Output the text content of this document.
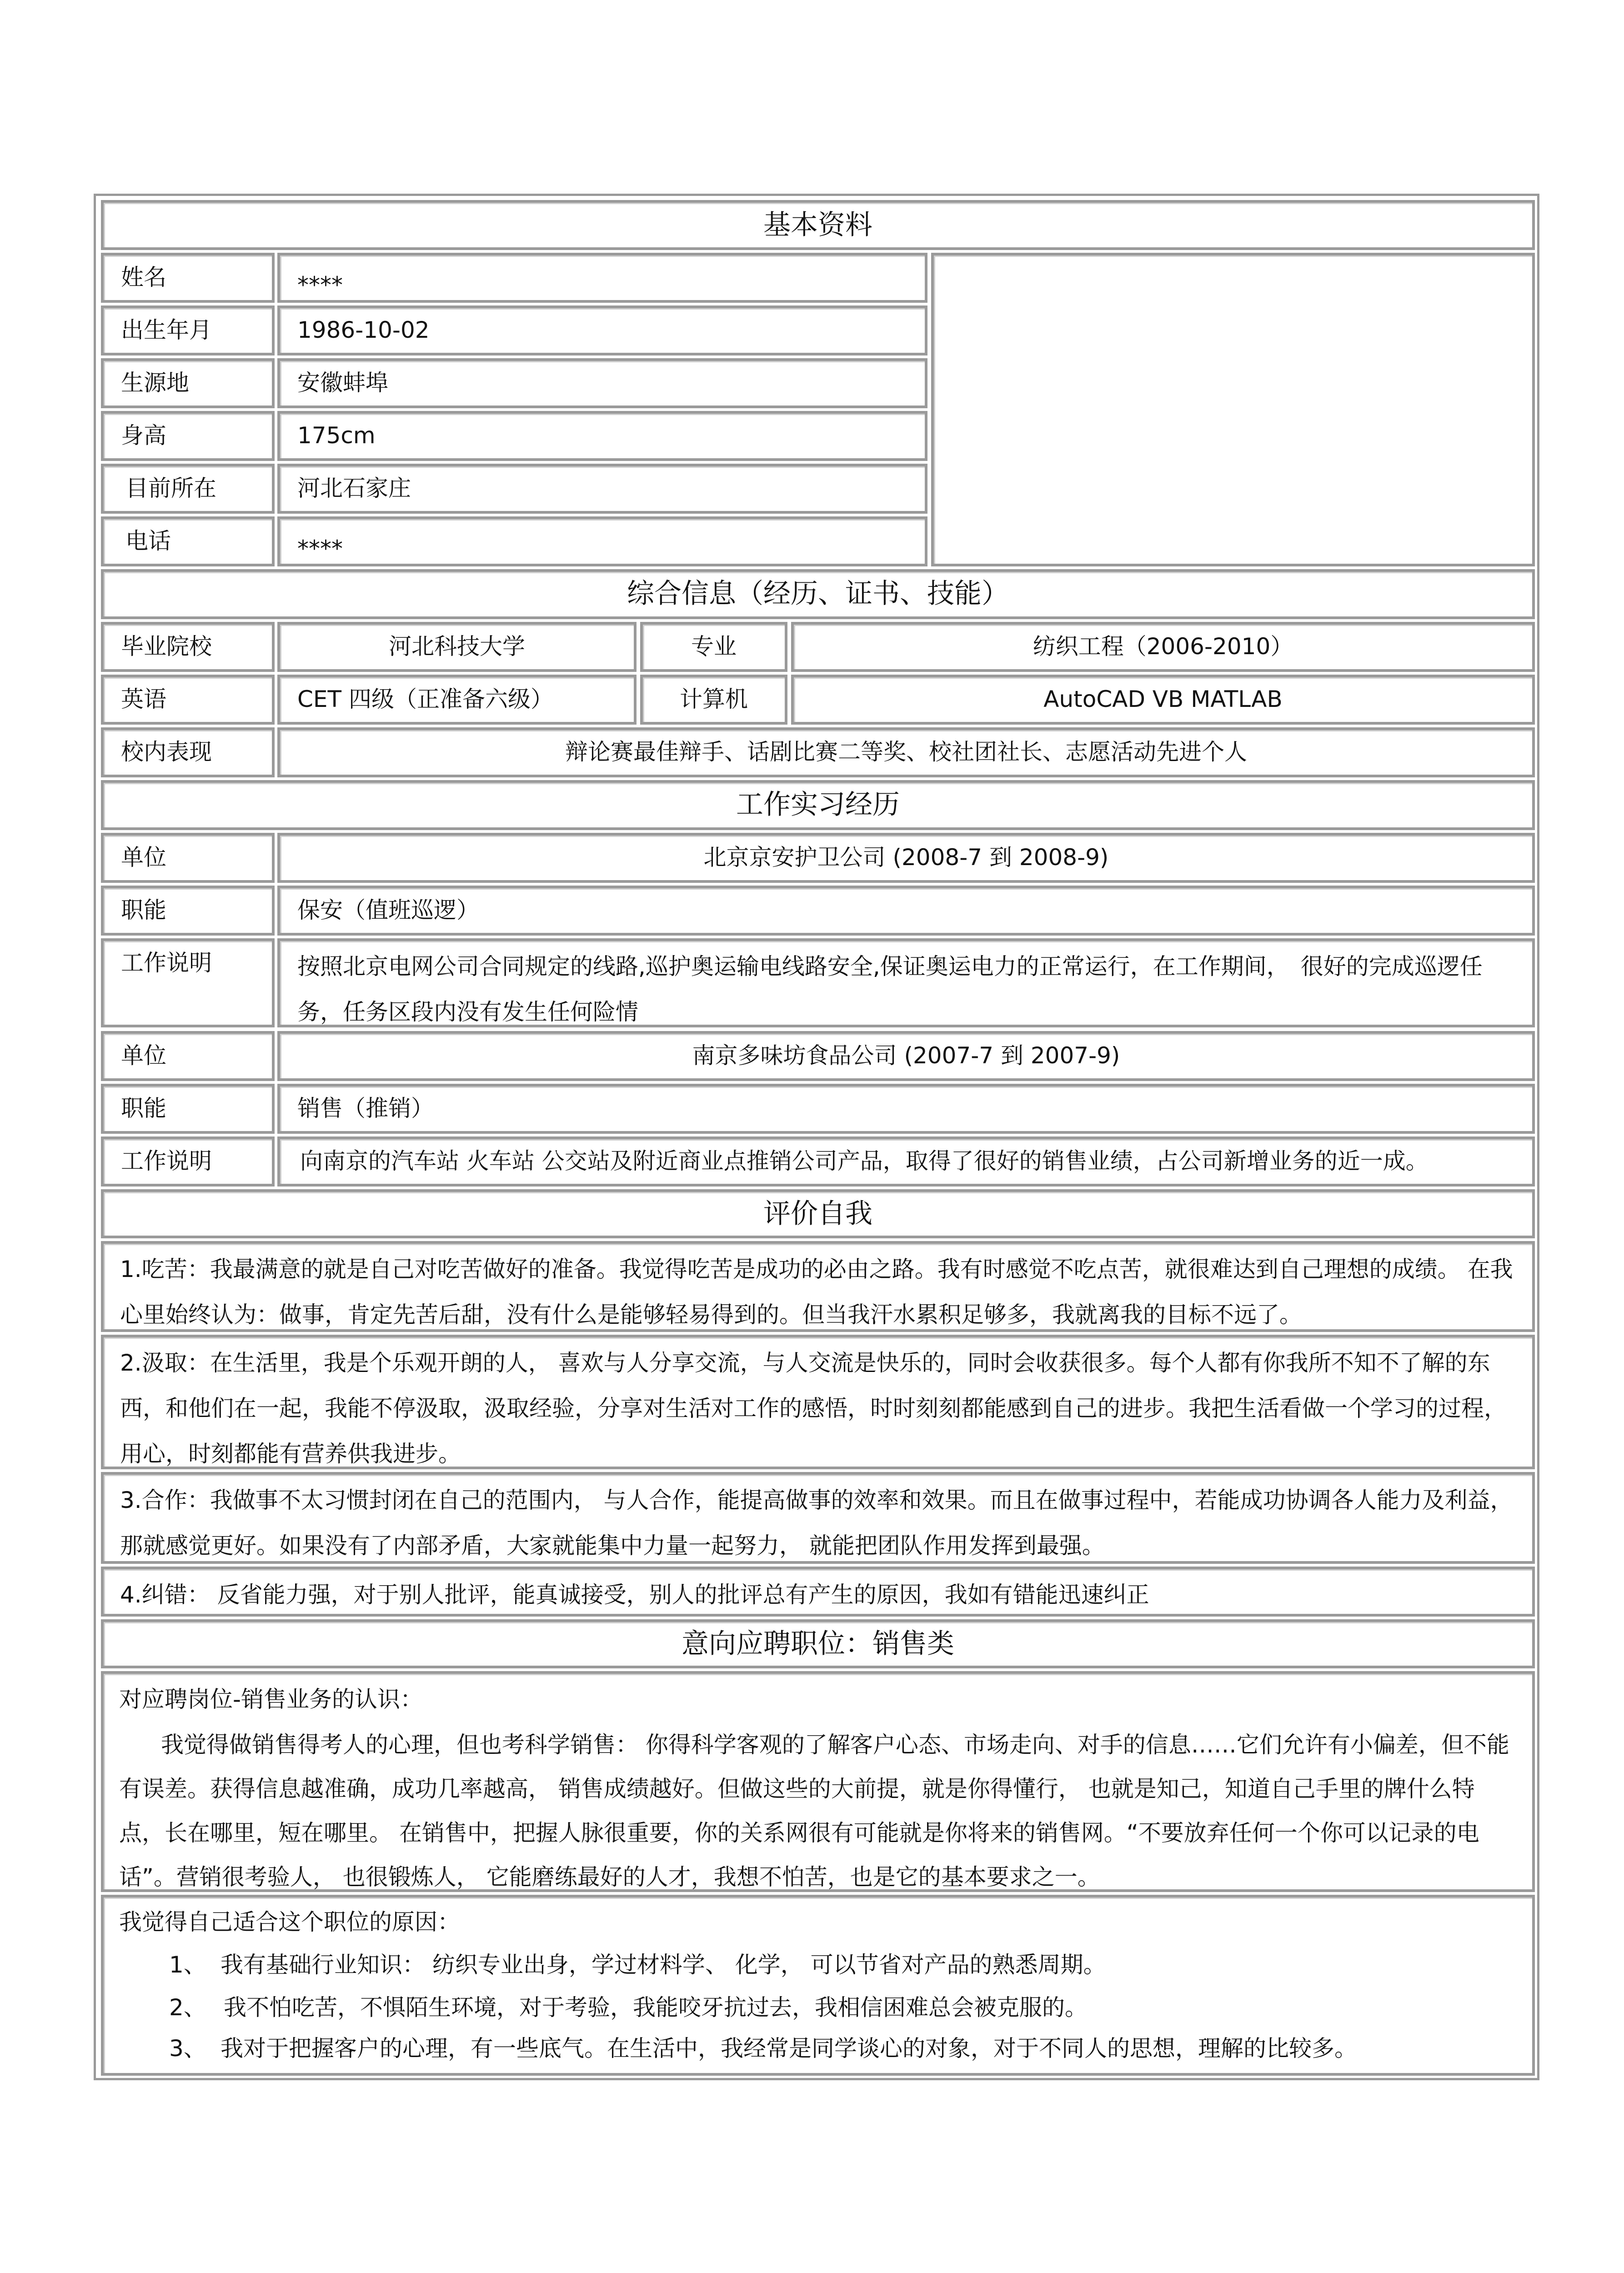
基本资料
姓名	****
出生年月	1986-10-02
生源地	安徽蚌埠
身高	175cm
目前所在	河北石家庄
电话	****
综合信息（经历、证书、技能）
毕业院校	河北科技大学	专业	纺织工程（2006-2010）
英语	CET 四级（正准备六级）	计算机	AutoCAD VB MATLAB
校内表现	辩论赛最佳辩手、话剧比赛二等奖、校社团社长、志愿活动先进个人
工作实习经历
单位	北京京安护卫公司 (2008-7 到 2008-9)
职能	保安（值班巡逻）
工作说明	按照北京电网公司合同规定的线路,巡护奥运输电线路安全,保证奥运电力的正常运行，在工作期间，　很好的完成巡逻任务，任务区段内没有发生任何险情
单位	南京多味坊食品公司 (2007-7 到 2007-9)
职能	销售（推销）
工作说明	向南京的汽车站 火车站 公交站及附近商业点推销公司产品，取得了很好的销售业绩，占公司新增业务的近一成。
评价自我
1.吃苦：我最满意的就是自己对吃苦做好的准备。我觉得吃苦是成功的必由之路。我有时感觉不吃点苦，就很难达到自己理想的成绩。 在我心里始终认为：做事，肯定先苦后甜，没有什么是能够轻易得到的。但当我汗水累积足够多，我就离我的目标不远了。
2.汲取：在生活里，我是个乐观开朗的人， 喜欢与人分享交流，与人交流是快乐的，同时会收获很多。每个人都有你我所不知不了解的东西，和他们在一起，我能不停汲取，汲取经验，分享对生活对工作的感悟，时时刻刻都能感到自己的进步。我把生活看做一个学习的过程， 用心，时刻都能有营养供我进步。
3.合作：我做事不太习惯封闭在自己的范围内， 与人合作，能提高做事的效率和效果。而且在做事过程中，若能成功协调各人能力及利益，那就感觉更好。如果没有了内部矛盾，大家就能集中力量一起努力， 就能把团队作用发挥到最强。
4.纠错： 反省能力强，对于别人批评，能真诚接受，别人的批评总有产生的原因，我如有错能迅速纠正
意向应聘职位：销售类
对应聘岗位-销售业务的认识：
我觉得做销售得考人的心理，但也考科学销售： 你得科学客观的了解客户心态、市场走向、对手的信息……它们允许有小偏差，但不能有误差。获得信息越准确，成功几率越高， 销售成绩越好。但做这些的大前提，就是你得懂行， 也就是知己，知道自己手里的牌什么特点，长在哪里，短在哪里。 在销售中，把握人脉很重要，你的关系网很有可能就是你将来的销售网。“不要放弃任何一个你可以记录的电话”。营销很考验人， 也很锻炼人， 它能磨练最好的人才，我想不怕苦，也是它的基本要求之一。
我觉得自己适合这个职位的原因：
1、 我有基础行业知识： 纺织专业出身，学过材料学、 化学， 可以节省对产品的熟悉周期。
2、 我不怕吃苦，不惧陌生环境，对于考验，我能咬牙抗过去，我相信困难总会被克服的。
3、 我对于把握客户的心理，有一些底气。在生活中，我经常是同学谈心的对象，对于不同人的思想，理解的比较多。
